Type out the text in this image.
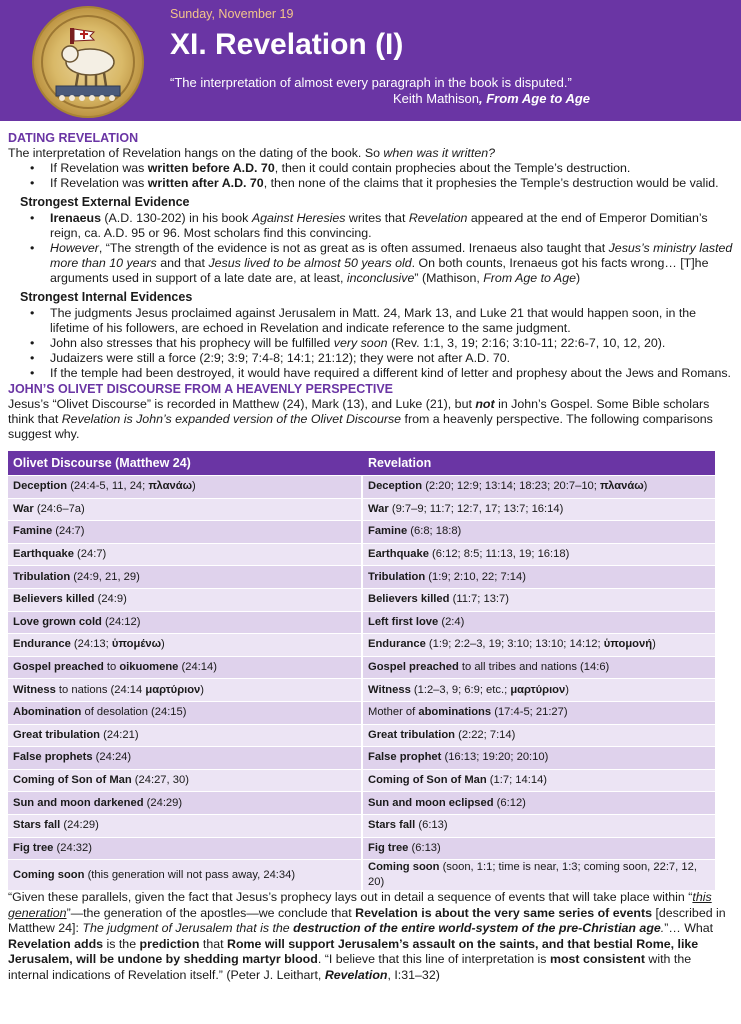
Sunday, November 19
XI. Revelation (I)
“The interpretation of almost every paragraph in the book is disputed.”
Keith Mathison, From Age to Age
DATING REVELATION

The interpretation of Revelation hangs on the dating of the book. So when was it written?

• If Revelation was written before A.D. 70, then it could contain prophecies about the Temple’s destruction.
• If Revelation was written after A.D. 70, then none of the claims that it prophesies the Temple’s destruction would be valid.
Strongest External Evidence
• Irenaeus (A.D. 130-202) in his book Against Heresies writes that Revelation appeared at the end of Emperor Domitian’s reign, ca. A.D. 95 or 96. Most scholars find this convincing.
• However, “The strength of the evidence is not as great as is often assumed. Irenaeus also taught that Jesus’s ministry lasted more than 10 years and that Jesus lived to be almost 50 years old. On both counts, Irenaeus got his facts wrong… [T]he arguments used in support of a late date are, at least, inconclusive” (Mathison, From Age to Age)
Strongest Internal Evidences
• The judgments Jesus proclaimed against Jerusalem in Matt. 24, Mark 13, and Luke 21 that would happen soon, in the lifetime of his followers, are echoed in Revelation and indicate reference to the same judgment.
• John also stresses that his prophecy will be fulfilled very soon (Rev. 1:1, 3, 19; 2:16; 3:10-11; 22:6-7, 10, 12, 20).
• Judaizers were still a force (2:9; 3:9; 7:4-8; 14:1; 21:12); they were not after A.D. 70.
• If the temple had been destroyed, it would have required a different kind of letter and prophesy about the Jews and Romans.
JOHN’S OLIVET DISCOURSE FROM A HEAVENLY PERSPECTIVE

Jesus’s “Olivet Discourse” is recorded in Matthew (24), Mark (13), and Luke (21), but not in John’s Gospel. Some Bible scholars think that Revelation is John’s expanded version of the Olivet Discourse from a heavenly perspective. The following comparisons suggest why.

Olivet Discourse (Matthew 24)	Revelation
Deception (24:4-5, 11, 24; πλανάω)	Deception (2:20; 12:9; 13:14; 18:23; 20:7–10; πλανάω)
War (24:6–7a)	War (9:7–9; 11:7; 12:7, 17; 13:7; 16:14)
Famine (24:7)	Famine (6:8; 18:8)
Earthquake (24:7)	Earthquake (6:12; 8:5; 11:13, 19; 16:18)
Tribulation (24:9, 21, 29)	Tribulation (1:9; 2:10, 22; 7:14)
Believers killed (24:9)	Believers killed (11:7; 13:7)
Love grown cold (24:12)	Left first love (2:4)
Endurance (24:13; ὑπομένω)	Endurance (1:9; 2:2–3, 19; 3:10; 13:10; 14:12; ὑπομονή)
Gospel preached to oikuomene (24:14)	Gospel preached to all tribes and nations (14:6)
Witness to nations (24:14 μαρτύριον)	Witness (1:2–3, 9; 6:9; etc.; μαρτύριον)
Abomination of desolation (24:15)	Mother of abominations (17:4-5; 21:27)
Great tribulation (24:21)	Great tribulation (2:22; 7:14)
False prophets (24:24)	False prophet (16:13; 19:20; 20:10)
Coming of Son of Man (24:27, 30)	Coming of Son of Man (1:7; 14:14)
Sun and moon darkened (24:29)	Sun and moon eclipsed (6:12)
Stars fall (24:29)	Stars fall (6:13)
Fig tree (24:32)	Fig tree (6:13)
Coming soon (this generation will not pass away, 24:34)	Coming soon (soon, 1:1; time is near, 1:3; coming soon, 22:7, 12, 20)
“Given these parallels, given the fact that Jesus’s prophecy lays out in detail a sequence of events that will take place within “this generation”—the generation of the apostles—we conclude that Revelation is about the very same series of events [described in Matthew 24]: The judgment of Jerusalem that is the destruction of the entire world-system of the pre-Christian age.”… What Revelation adds is the prediction that Rome will support Jerusalem’s assault on the saints, and that bestial Rome, like Jerusalem, will be undone by shedding martyr blood. “I believe that this line of interpretation is most consistent with the internal indications of Revelation itself.” (Peter J. Leithart, Revelation, I:31–32)
